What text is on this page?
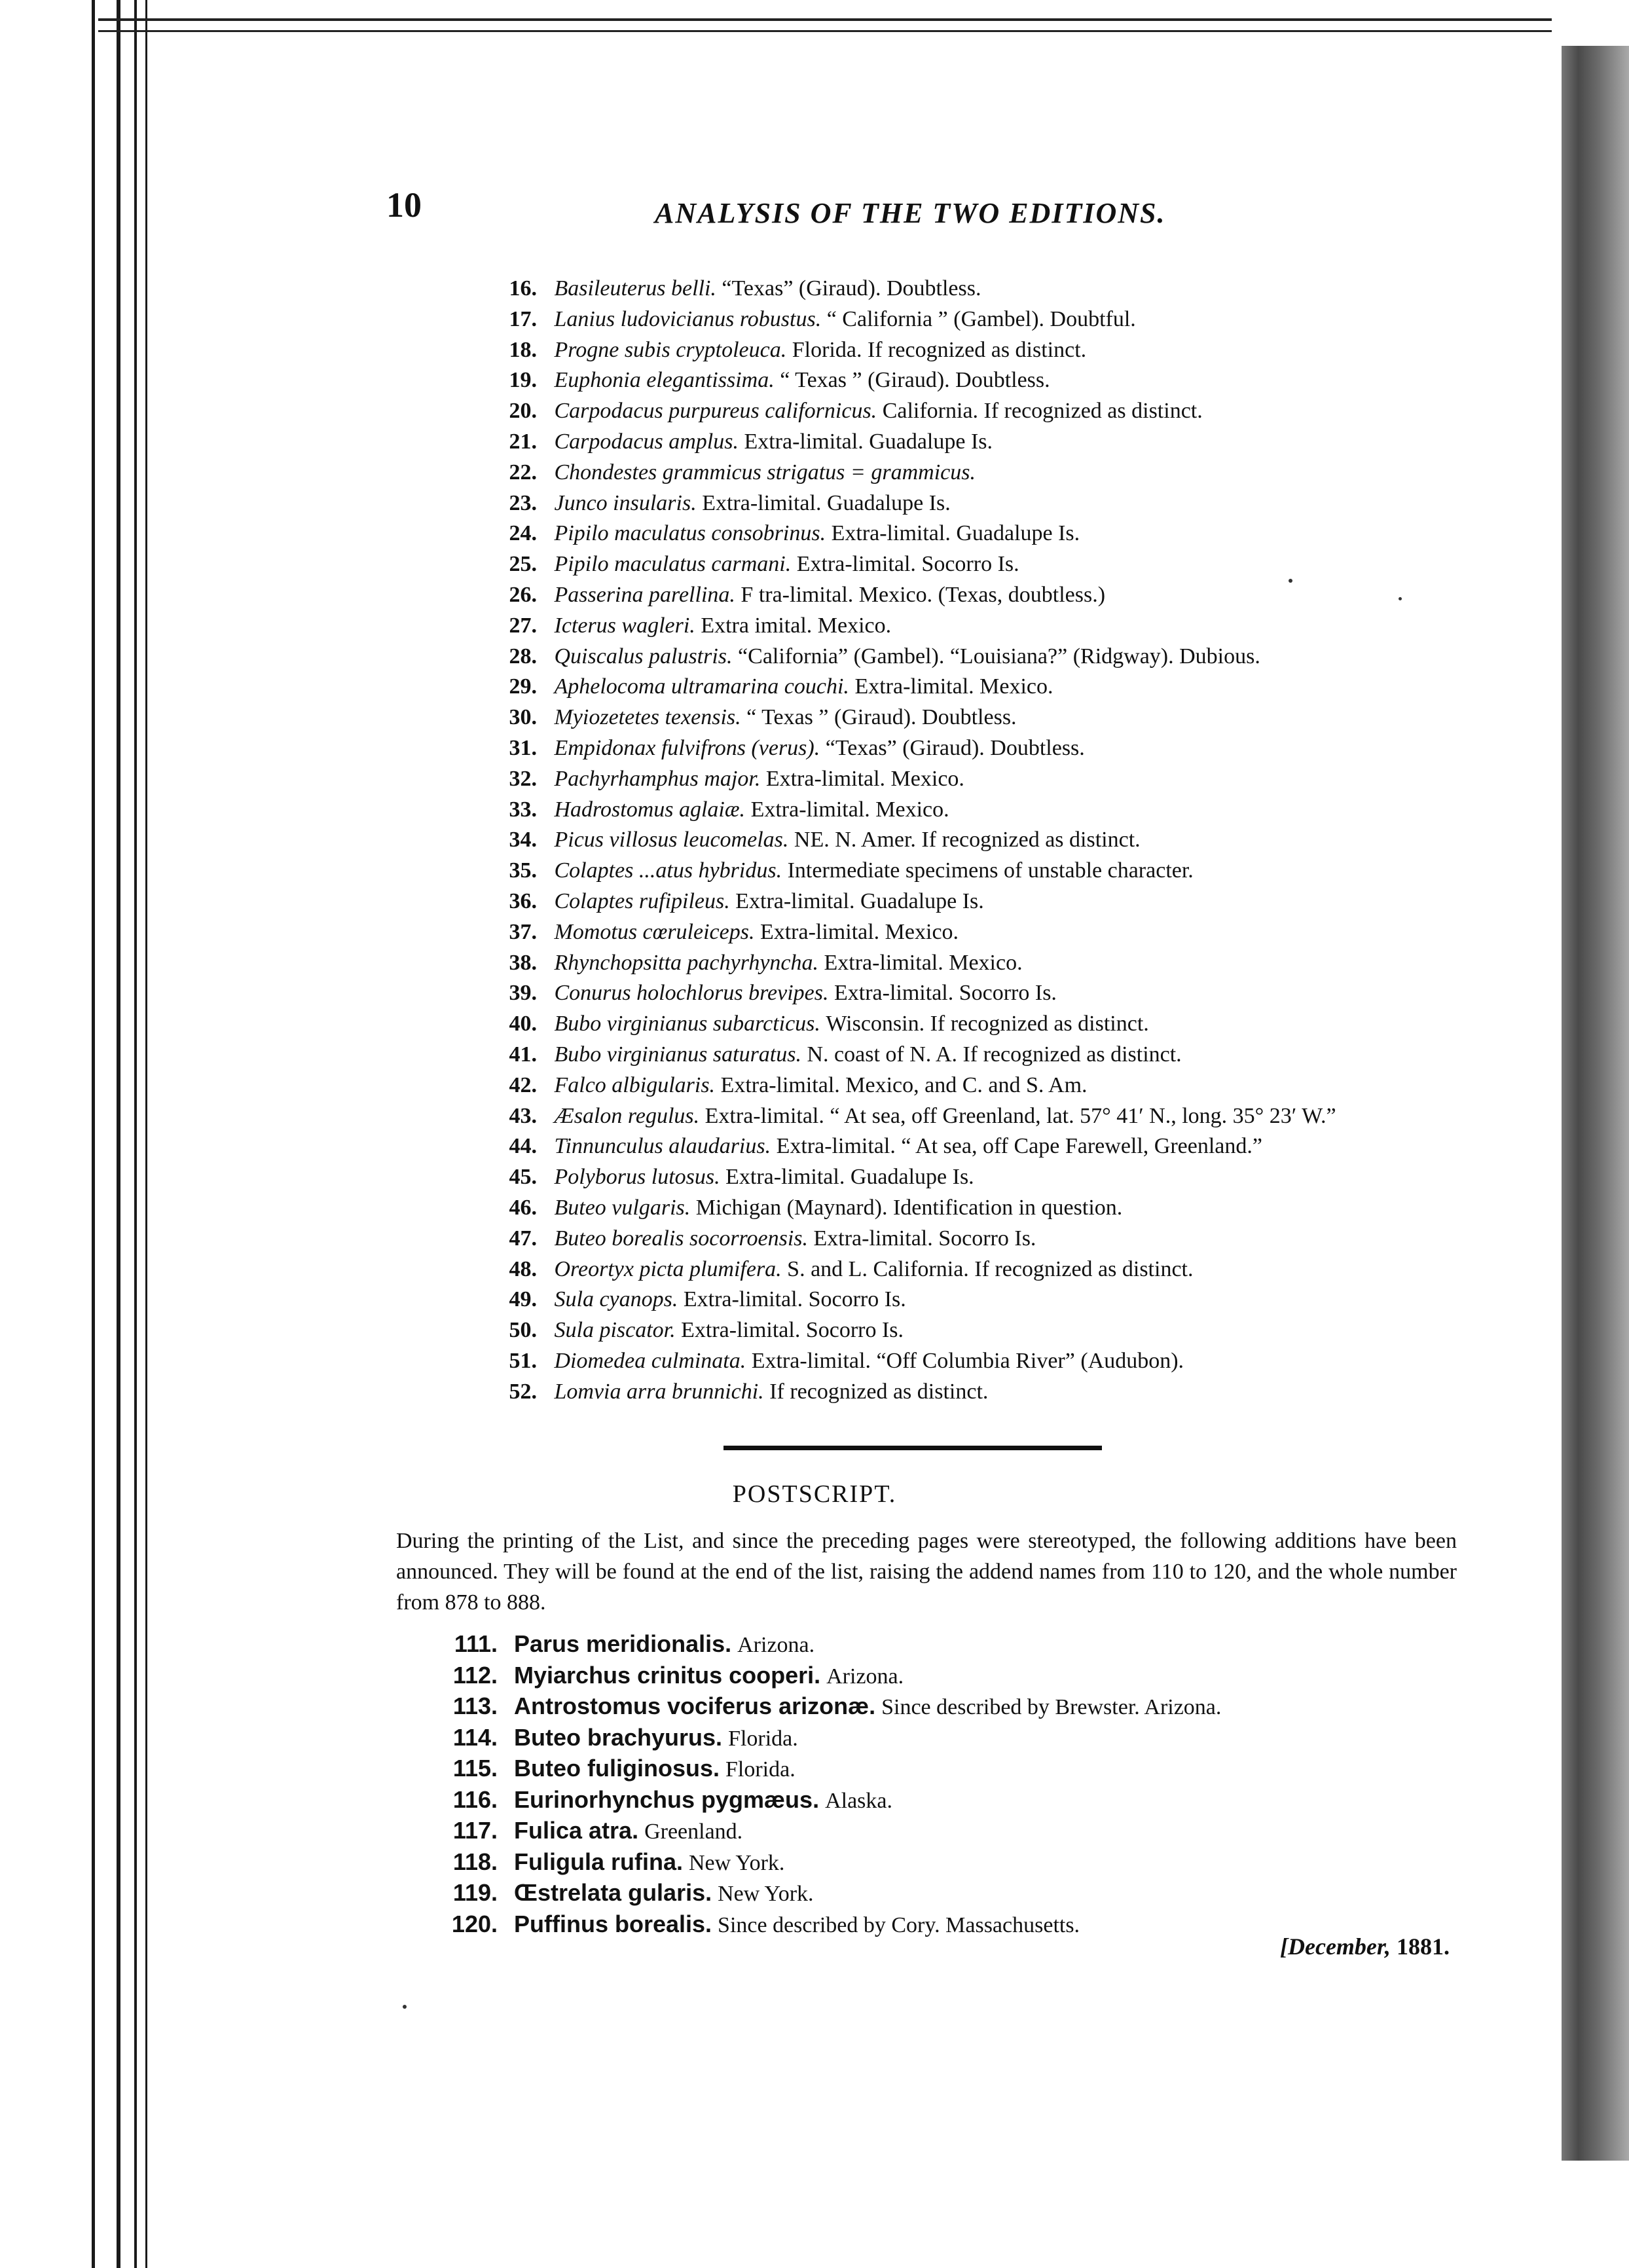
10	ANALYSIS OF THE TWO EDITIONS.
16. Basileuterus belli. “Texas” (Giraud). Doubtless.
17. Lanius ludovicianus robustus. “ California ” (Gambel). Doubtful.
18. Progne subis cryptoleuca. Florida. If recognized as distinct.
19. Euphonia elegantissima. “ Texas ” (Giraud). Doubtless.
20. Carpodacus purpureus californicus. California. If recognized as distinct.
21. Carpodacus amplus. Extra-limital. Guadalupe Is.
22. Chondestes grammicus strigatus = grammicus.
23. Junco insularis. Extra-limital. Guadalupe Is.
24. Pipilo maculatus consobrinus. Extra-limital. Guadalupe Is.
25. Pipilo maculatus carmani. Extra-limital. Socorro Is.
26. Passerina parellina. F tra-limital. Mexico. (Texas, doubtless.)
27. Icterus wagleri. Extra imital. Mexico.
28. Quiscalus palustris. “California” (Gambel). “Louisiana?” (Ridgway). Dubious.
29. Aphelocoma ultramarina couchi. Extra-limital. Mexico.
30. Myiozetetes texensis. “ Texas ” (Giraud). Doubtless.
31. Empidonax fulvifrons (verus). “Texas” (Giraud). Doubtless.
32. Pachyrhamphus major. Extra-limital. Mexico.
33. Hadrostomus aglaiæ. Extra-limital. Mexico.
34. Picus villosus leucomelas. NE. N. Amer. If recognized as distinct.
35. Colaptes ...atus hybridus. Intermediate specimens of unstable character.
36. Colaptes rufipileus. Extra-limital. Guadalupe Is.
37. Momotus cœruleiceps. Extra-limital. Mexico.
38. Rhynchopsitta pachyrhyncha. Extra-limital. Mexico.
39. Conurus holochlorus brevipes. Extra-limital. Socorro Is.
40. Bubo virginianus subarcticus. Wisconsin. If recognized as distinct.
41. Bubo virginianus saturatus. N. coast of N. A. If recognized as distinct.
42. Falco albigularis. Extra-limital. Mexico, and C. and S. Am.
43. Æsalon regulus. Extra-limital. “ At sea, off Greenland, lat. 57° 41′ N., long. 35° 23′ W.”
44. Tinnunculus alaudarius. Extra-limital. “ At sea, off Cape Farewell, Greenland.”
45. Polyborus lutosus. Extra-limital. Guadalupe Is.
46. Buteo vulgaris. Michigan (Maynard). Identification in question.
47. Buteo borealis socorroensis. Extra-limital. Socorro Is.
48. Oreortyx picta plumifera. S. and L. California. If recognized as distinct.
49. Sula cyanops. Extra-limital. Socorro Is.
50. Sula piscator. Extra-limital. Socorro Is.
51. Diomedea culminata. Extra-limital. “Off Columbia River” (Audubon).
52. Lomvia arra brunnichi. If recognized as distinct.
POSTSCRIPT.

During the printing of the List, and since the preceding pages were stereotyped, the following additions have been announced. They will be found at the end of the list, raising the addend names from 110 to 120, and the whole number from 878 to 888.

111. Parus meridionalis. Arizona.
112. Myiarchus crinitus cooperi. Arizona.
113. Antrostomus vociferus arizonæ. Since described by Brewster. Arizona.
114. Buteo brachyurus. Florida.
115. Buteo fuliginosus. Florida.
116. Eurinorhynchus pygmæus. Alaska.
117. Fulica atra. Greenland.
118. Fuligula rufina. New York.
119. Œstrelata gularis. New York.
120. Puffinus borealis. Since described by Cory. Massachusetts.
[December, 1881.
